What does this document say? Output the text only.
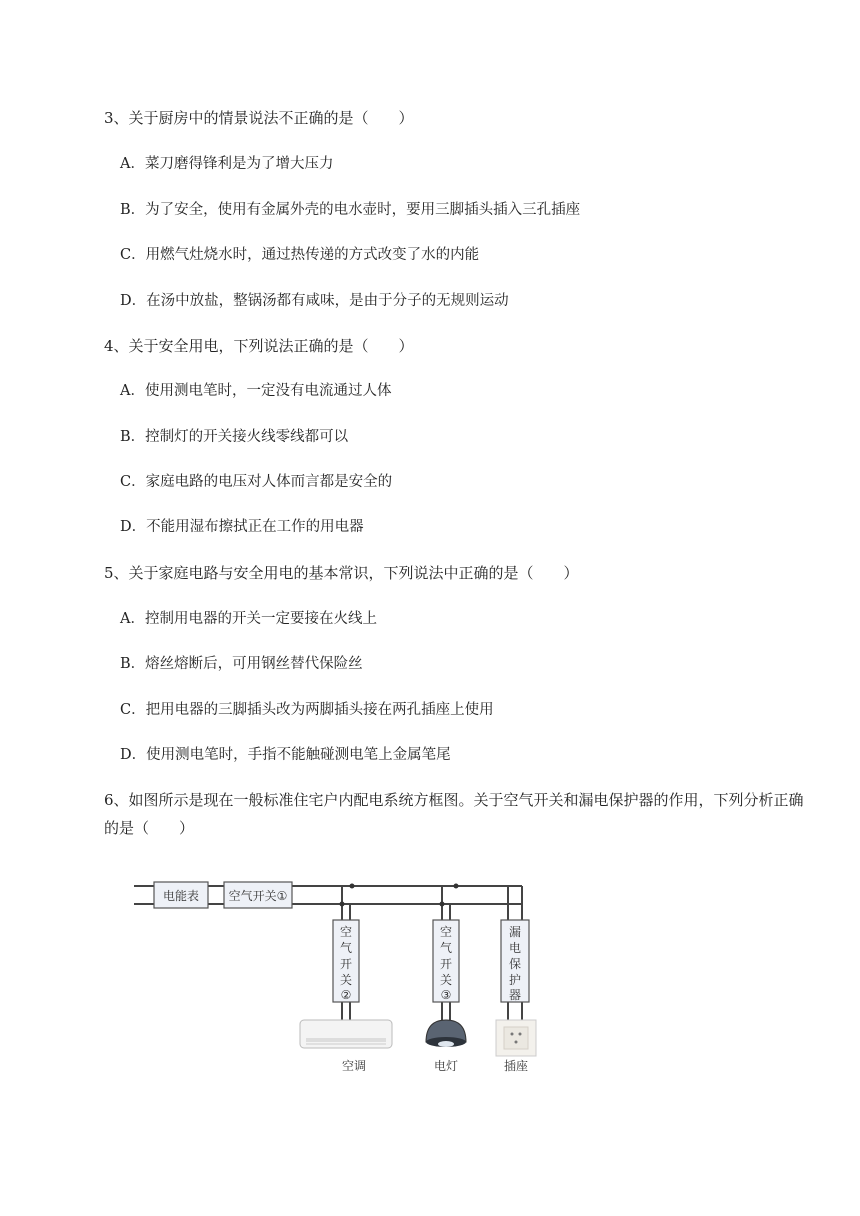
3、关于厨房中的情景说法不正确的是（　　）
A．菜刀磨得锋利是为了增大压力
B．为了安全，使用有金属外壳的电水壶时，要用三脚插头插入三孔插座
C．用燃气灶烧水时，通过热传递的方式改变了水的内能
D．在汤中放盐，整锅汤都有咸味，是由于分子的无规则运动
4、关于安全用电，下列说法正确的是（　　）
A．使用测电笔时，一定没有电流通过人体
B．控制灯的开关接火线零线都可以
C．家庭电路的电压对人体而言都是安全的
D．不能用湿布擦拭正在工作的用电器
5、关于家庭电路与安全用电的基本常识，下列说法中正确的是（　　）
A．控制用电器的开关一定要接在火线上
B．熔丝熔断后，可用钢丝替代保险丝
C．把用电器的三脚插头改为两脚插头接在两孔插座上使用
D．使用测电笔时，手指不能触碰测电笔上金属笔尾
6、如图所示是现在一般标准住宅户内配电系统方框图。关于空气开关和漏电保护器的作用，下列分析正确的是（　　）
电能表 空气开关①
空
气
开
关
②
空
气
开
关
③
漏
电
保
护
器
空调	电灯	插座
